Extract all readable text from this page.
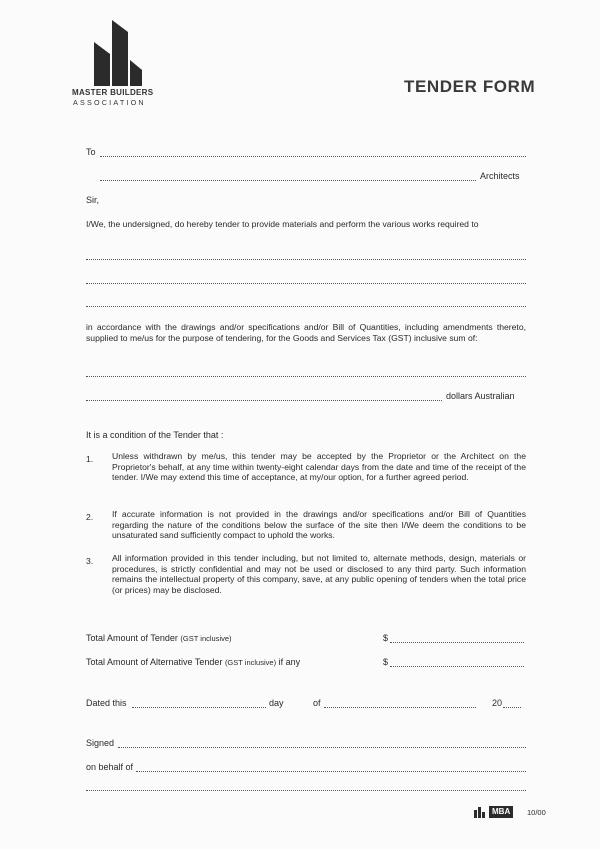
MASTER BUILDERS
ASSOCIATION
TENDER FORM
To
Architects
Sir,
I/We, the undersigned, do hereby tender to provide materials and perform the various works required to
in accordance with the drawings and/or specifications and/or Bill of Quantities, including amendments thereto, supplied to me/us for the purpose of tendering, for the Goods and Services Tax (GST) inclusive sum of:
dollars Australian
It is a condition of the Tender that :
1. Unless withdrawn by me/us, this tender may be accepted by the Proprietor or the Architect on the Proprietor's behalf, at any time within twenty-eight calendar days from the date and time of the receipt of the tender. I/We may extend this time of acceptance, at my/our option, for a further agreed period.
2. If accurate information is not provided in the drawings and/or specifications and/or Bill of Quantities regarding the nature of the conditions below the surface of the site then I/We deem the conditions to be unsaturated sand sufficiently compact to uphold the works.
3. All information provided in this tender including, but not limited to, alternate methods, design, materials or procedures, is strictly confidential and may not be used or disclosed to any third party. Such information remains the intellectual property of this company, save, at any public opening of tenders when the total price (or prices) may be disclosed.
Total Amount of Tender (GST inclusive)	$
Total Amount of Alternative Tender (GST inclusive) if any	$
Dated this	day	of	20
Signed
on behalf of
MBA	10/00
